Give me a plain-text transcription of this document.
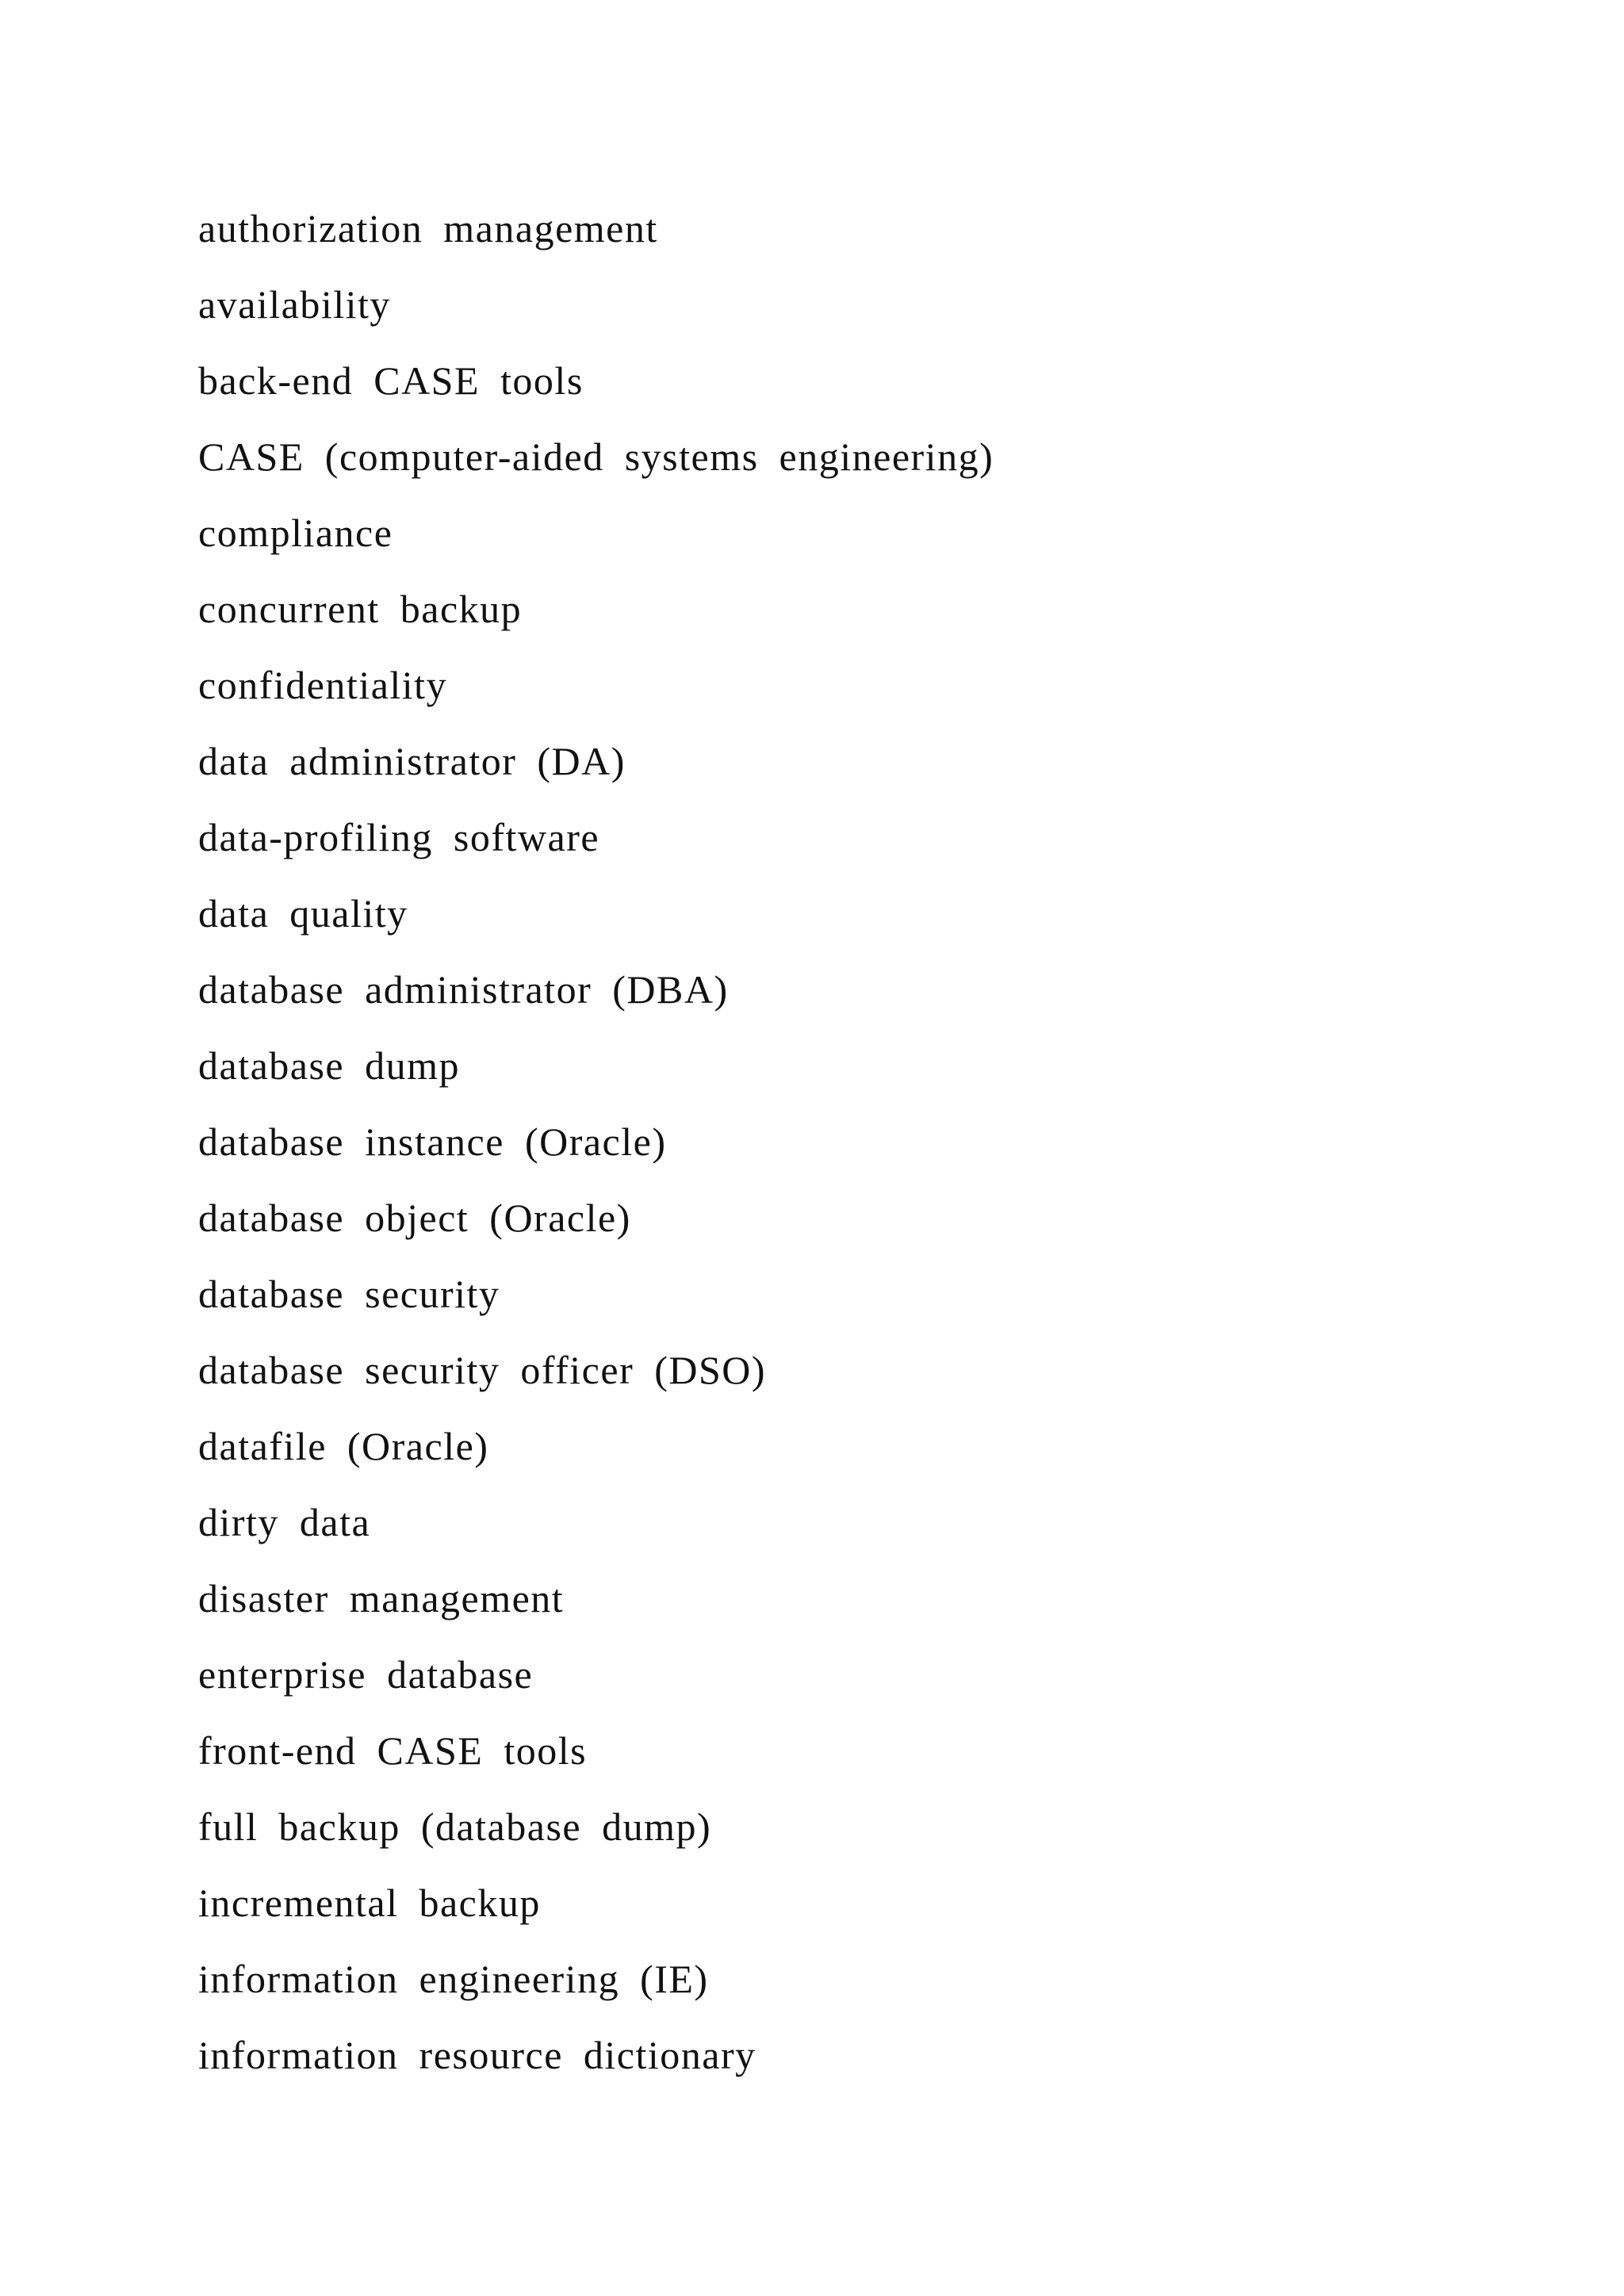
authorization management
availability
back-end CASE tools
CASE (computer-aided systems engineering)
compliance
concurrent backup
confidentiality
data administrator (DA)
data-profiling software
data quality
database administrator (DBA)
database dump
database instance (Oracle)
database object (Oracle)
database security
database security officer (DSO)
datafile (Oracle)
dirty data
disaster management
enterprise database
front-end CASE tools
full backup (database dump)
incremental backup
information engineering (IE)
information resource dictionary
